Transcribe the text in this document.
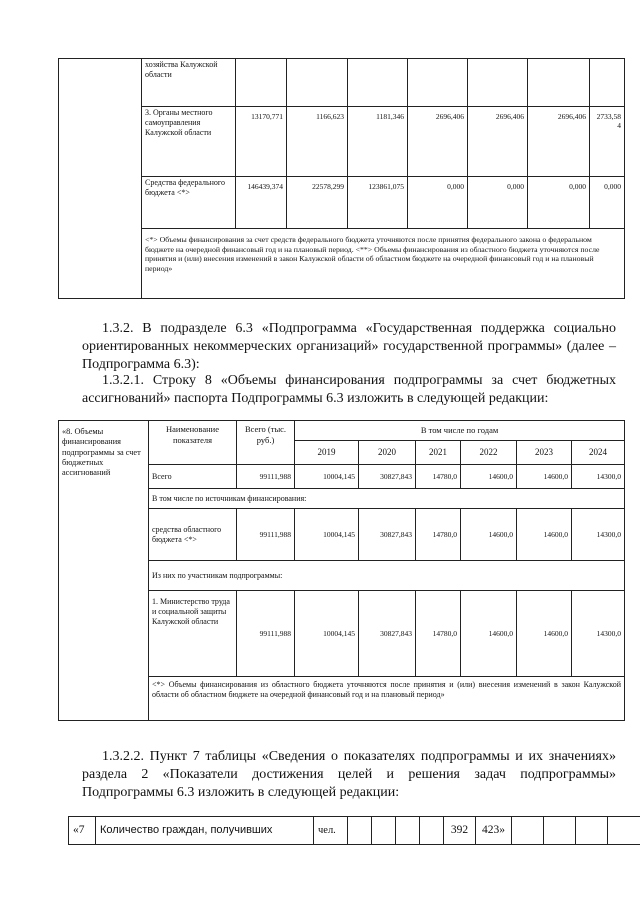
	хозяйства Калужской области							
	3. Органы местного самоуправления Калужской области	13170,771	1166,623	1181,346	2696,406	2696,406	2696,406	2733,584
	Средства федерального бюджета <*>	146439,374	22578,299	123861,075	0,000	0,000	0,000	0,000
	<*> Объемы финансирования за счет средств федерального бюджета уточняются после принятия федерального закона о федеральном бюджете на очередной финансовый год и на плановый период. <**> Объемы финансирования из областного бюджета уточняются после принятия и (или) внесения изменений в закон Калужской области об областном бюджете на очередной финансовый год и на плановый период»							
1.3.2. В подразделе 6.3 «Подпрограмма «Государственная поддержка социально ориентированных некоммерческих организаций» государственной программы» (далее – Подпрограмма 6.3):
1.3.2.1. Строку 8 «Объемы финансирования подпрограммы за счет бюджетных ассигнований» паспорта Подпрограммы 6.3 изложить в следующей редакции:
«8. Объемы финансирования подпрограммы за счет бюджетных ассигнований	Наименование показателя	Всего (тыс. руб.)	В том числе по годам					
			2019	2020	2021	2022	2023	2024
	Всего	99111,988	10004,145	30827,843	14780,0	14600,0	14600,0	14300,0
	В том числе по источникам финансирования:							
	средства областного бюджета <*>	99111,988	10004,145	30827,843	14780,0	14600,0	14600,0	14300,0
	Из них по участникам подпрограммы:							
	1. Министерство труда и социальной защиты Калужской области	99111,988	10004,145	30827,843	14780,0	14600,0	14600,0	14300,0
	<*> Объемы финансирования из областного бюджета уточняются после принятия и (или) внесения изменений в закон Калужской области об областном бюджете на очередной финансовый год и на плановый период»							
1.3.2.2. Пункт 7 таблицы «Сведения о показателях подпрограммы и их значениях» раздела 2 «Показатели достижения целей и решения задач подпрограммы» Подпрограммы 6.3 изложить в следующей редакции:
«7	Количество граждан, получивших	чел.					392	423»				
